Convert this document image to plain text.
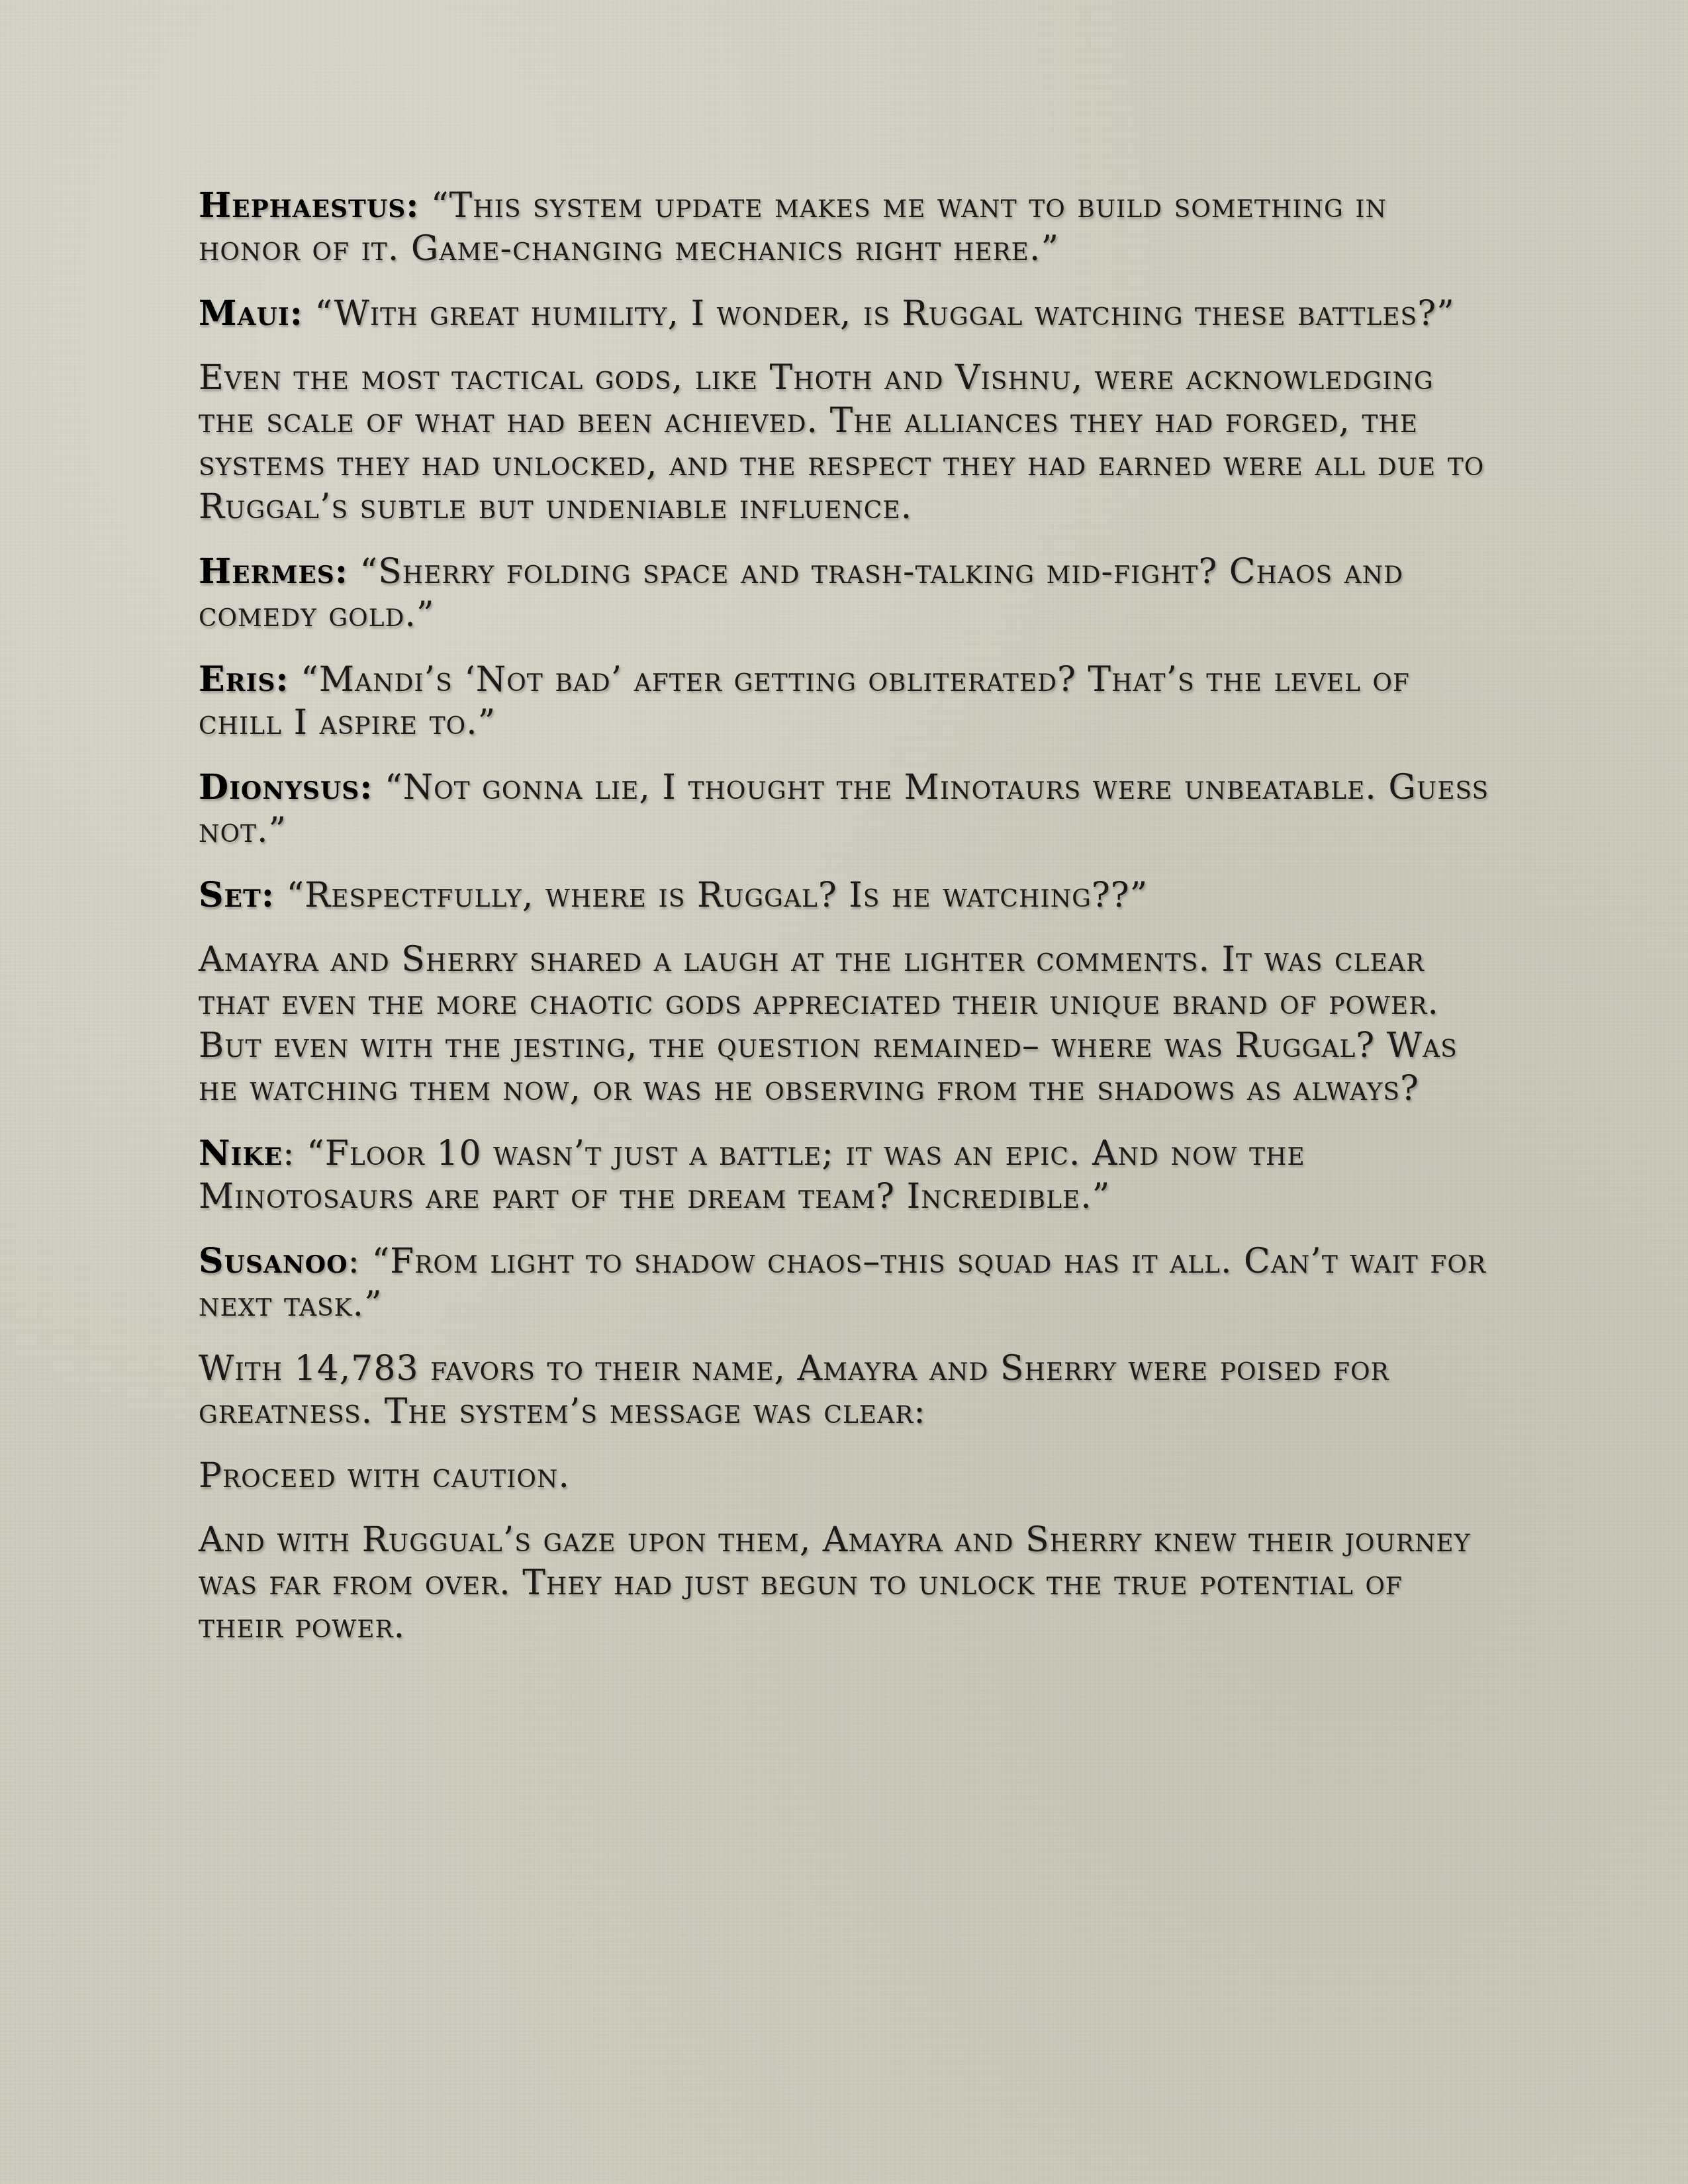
Hephaestus: “This system update makes me want to build something in honor of it. Game-changing mechanics right here.”

Maui: “With great humility, I wonder, is Ruggal watching these battles?”

Even the most tactical gods, like Thoth and Vishnu, were acknowledging the scale of what had been achieved. The alliances they had forged, the systems they had unlocked, and the respect they had earned were all due to Ruggal’s subtle but undeniable influence.

Hermes: “Sherry folding space and trash-talking mid-fight? Chaos and comedy gold.”

Eris: “Mandi’s ‘Not bad’ after getting obliterated? That’s the level of chill I aspire to.”

Dionysus: “Not gonna lie, I thought the Minotaurs were unbeatable. Guess not.”

Set: “Respectfully, where is Ruggal? Is he watching??”

Amayra and Sherry shared a laugh at the lighter comments. It was clear that even the more chaotic gods appreciated their unique brand of power. But even with the jesting, the question remained– where was Ruggal? Was he watching them now, or was he observing from the shadows as always?

Nike: “Floor 10 wasn’t just a battle; it was an epic. And now the Minotosaurs are part of the dream team? Incredible.”

Susanoo: “From light to shadow chaos–this squad has it all. Can’t wait for next task.”

With 14,783 favors to their name, Amayra and Sherry were poised for greatness. The system’s message was clear:

Proceed with caution.

And with Ruggual’s gaze upon them, Amayra and Sherry knew their journey was far from over. They had just begun to unlock the true potential of their power.
